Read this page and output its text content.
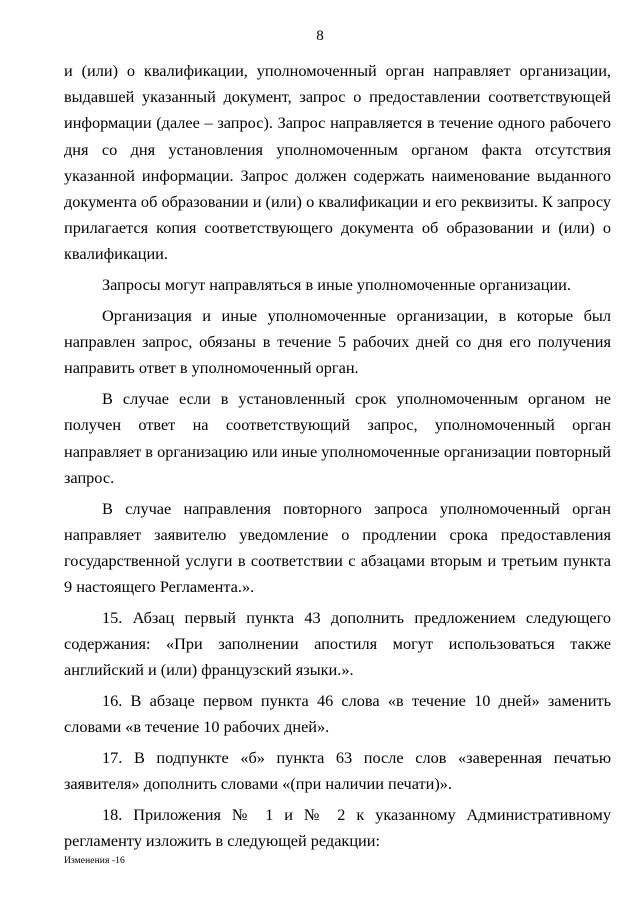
8

и (или) о квалификации, уполномоченный орган направляет организации, выдавшей указанный документ, запрос о предоставлении соответствующей информации (далее – запрос). Запрос направляется в течение одного рабочего дня со дня установления уполномоченным органом факта отсутствия указанной информации. Запрос должен содержать наименование выданного документа об образовании и (или) о квалификации и его реквизиты. К запросу прилагается копия соответствующего документа об образовании и (или) о квалификации.

Запросы могут направляться в иные уполномоченные организации.

Организация и иные уполномоченные организации, в которые был направлен запрос, обязаны в течение 5 рабочих дней со дня его получения направить ответ в уполномоченный орган.

В случае если в установленный срок уполномоченным органом не получен ответ на соответствующий запрос, уполномоченный орган направляет в организацию или иные уполномоченные организации повторный запрос.

В случае направления повторного запроса уполномоченный орган направляет заявителю уведомление о продлении срока предоставления государственной услуги в соответствии с абзацами вторым и третьим пункта 9 настоящего Регламента.».

15. Абзац первый пункта 43 дополнить предложением следующего содержания: «При заполнении апостиля могут использоваться также английский и (или) французский языки.».

16. В абзаце первом пункта 46 слова «в течение 10 дней» заменить словами «в течение 10 рабочих дней».

17. В подпункте «б» пункта 63 после слов «заверенная печатью заявителя» дополнить словами «(при наличии печати)».

18. Приложения № 1 и № 2 к указанному Административному регламенту изложить в следующей редакции:

Изменения -16
